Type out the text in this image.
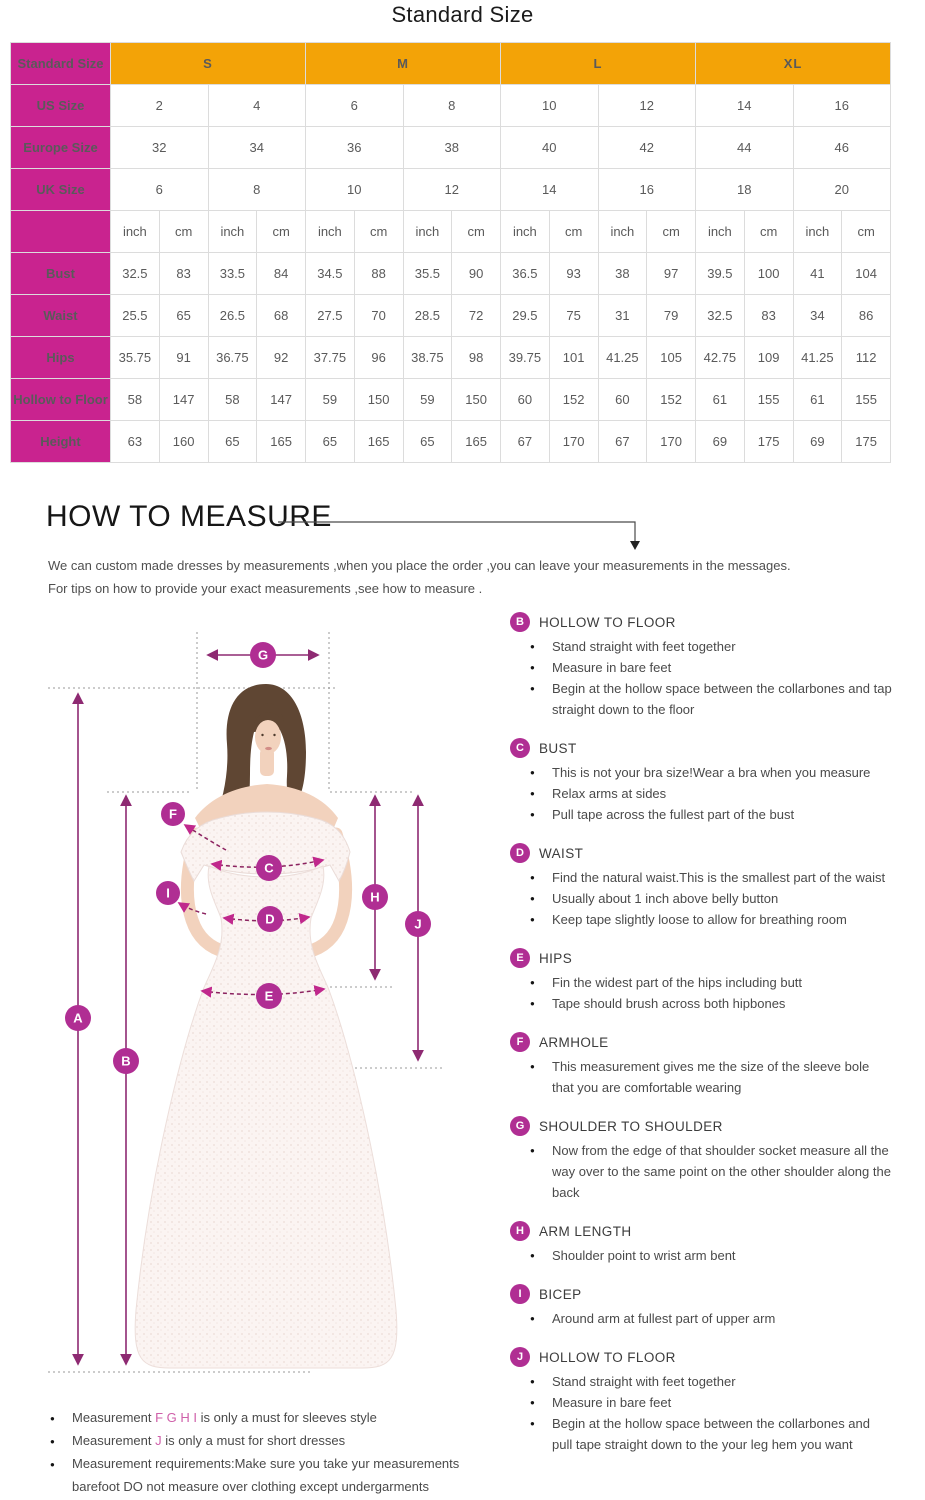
Standard Size
Standard Size	S				M				L				XL			
US Size	2		4		6		8		10		12		14		16	
Europe Size	32		34		36		38		40		42		44		46	
UK Size	6		8		10		12		14		16		18		20	
	inch	cm	inch	cm	inch	cm	inch	cm	inch	cm	inch	cm	inch	cm	inch	cm
Bust	32.5	83	33.5	84	34.5	88	35.5	90	36.5	93	38	97	39.5	100	41	104
Waist	25.5	65	26.5	68	27.5	70	28.5	72	29.5	75	31	79	32.5	83	34	86
Hips	35.75	91	36.75	92	37.75	96	38.75	98	39.75	101	41.25	105	42.75	109	41.25	112
Hollow to Floor	58	147	58	147	59	150	59	150	60	152	60	152	61	155	61	155
Height	63	160	65	165	65	165	65	165	67	170	67	170	69	175	69	175
HOW TO MEASURE

We can custom made dresses by measurements ,when you place the order ,you can leave your measurements in the messages.

For tips on how to provide your exact measurements ,see how to measure .

G
A
B
F
C
I
D
H
J
E
B	HOLLOW TO FLOOR
● Stand straight with feet together
● Measure in bare feet
● Begin at the hollow space between the collarbones and tap straight down to the floor
C	BUST
● This is not your bra size!Wear a bra when you measure
● Relax arms at sides
● Pull tape across the fullest part of the bust
D	WAIST
● Find the natural waist.This is the smallest part of the waist
● Usually about 1 inch above belly button
● Keep tape slightly loose to allow for breathing room
E	HIPS
● Fin the widest part of the hips including butt
● Tape should brush across both hipbones
F	ARMHOLE
● This measurement gives me the size of the sleeve bole that you are comfortable wearing
G	SHOULDER TO SHOULDER
● Now from the edge of that shoulder socket measure all the way over to the same point on the other shoulder along the back
H	ARM LENGTH
● Shoulder point to wrist arm bent
I	BICEP
● Around arm at fullest part of upper arm
J	HOLLOW TO FLOOR
● Stand straight with feet together
● Measure in bare feet
● Begin at the hollow space between the collarbones and pull tape straight down to the your leg hem you want
● Measurement F G H I is only a must for sleeves style
● Measurement J is only a must for short dresses
● Measurement requirements:Make sure you take yur measurements barefoot DO not measure over clothing except undergarments
